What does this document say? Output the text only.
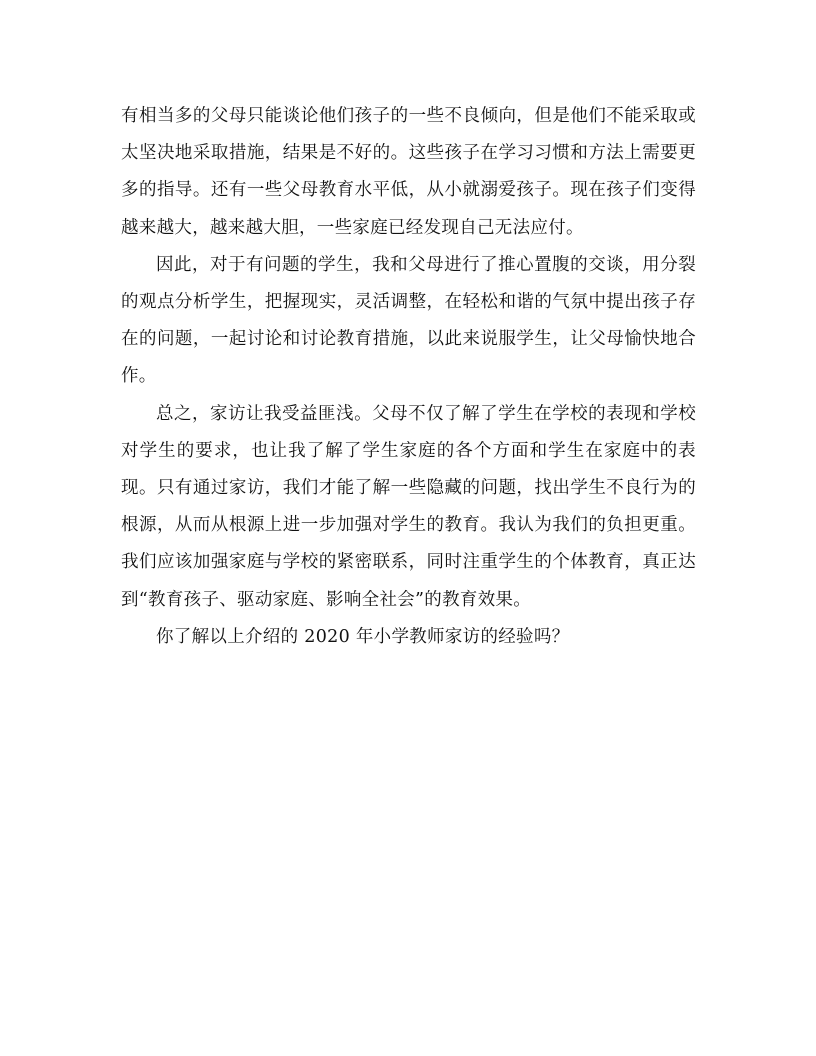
有相当多的父母只能谈论他们孩子的一些不良倾向，但是他们不能采取或太坚决地采取措施，结果是不好的。这些孩子在学习习惯和方法上需要更多的指导。还有一些父母教育水平低，从小就溺爱孩子。现在孩子们变得越来越大，越来越大胆，一些家庭已经发现自己无法应付。

因此，对于有问题的学生，我和父母进行了推心置腹的交谈，用分裂的观点分析学生，把握现实，灵活调整，在轻松和谐的气氛中提出孩子存在的问题，一起讨论和讨论教育措施，以此来说服学生，让父母愉快地合作。

总之，家访让我受益匪浅。父母不仅了解了学生在学校的表现和学校对学生的要求，也让我了解了学生家庭的各个方面和学生在家庭中的表现。只有通过家访，我们才能了解一些隐藏的问题，找出学生不良行为的根源，从而从根源上进一步加强对学生的教育。我认为我们的负担更重。我们应该加强家庭与学校的紧密联系，同时注重学生的个体教育，真正达到“教育孩子、驱动家庭、影响全社会”的教育效果。

你了解以上介绍的 2020 年小学教师家访的经验吗？
